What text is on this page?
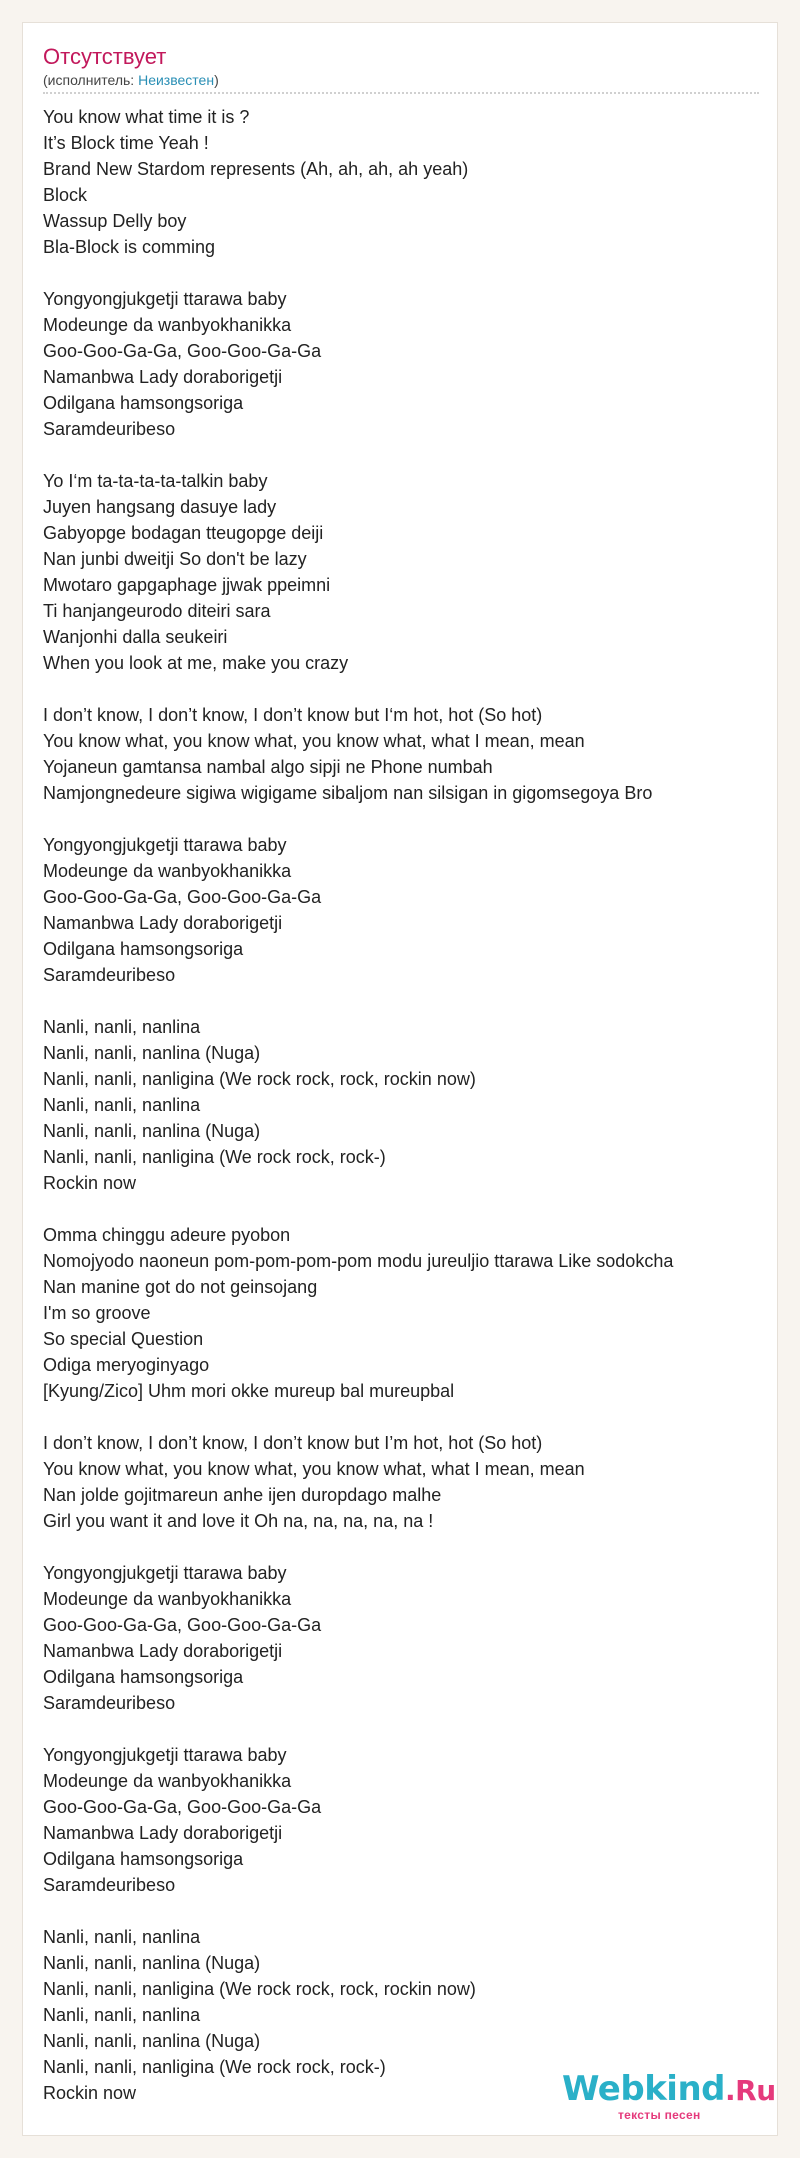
Отсутствует
(исполнитель: Неизвестен)
You know what time it is ?
It’s Block time Yeah !
Brand New Stardom represents (Ah, ah, ah, ah yeah)
Block
Wassup Delly boy
Bla-Block is comming
Yongyongjukgetji ttarawa baby
Modeunge da wanbyokhanikka
Goo-Goo-Ga-Ga, Goo-Goo-Ga-Ga
Namanbwa Lady doraborigetji
Odilgana hamsongsoriga
Saramdeuribeso
Yo I‘m ta-ta-ta-ta-talkin baby
Juyen hangsang dasuye lady
Gabyopge bodagan tteugopge deiji
Nan junbi dweitji So don't be lazy
Mwotaro gapgaphage jjwak ppeimni
Ti hanjangeurodo diteiri sara
Wanjonhi dalla seukeiri
When you look at me, make you crazy
I don’t know, I don’t know, I don’t know but I‘m hot, hot (So hot)
You know what, you know what, you know what, what I mean, mean
Yojaneun gamtansa nambal algo sipji ne Phone numbah
Namjongnedeure sigiwa wigigame sibaljom nan silsigan in gigomsegoya Bro
Yongyongjukgetji ttarawa baby
Modeunge da wanbyokhanikka
Goo-Goo-Ga-Ga, Goo-Goo-Ga-Ga
Namanbwa Lady doraborigetji
Odilgana hamsongsoriga
Saramdeuribeso
Nanli, nanli, nanlina
Nanli, nanli, nanlina (Nuga)
Nanli, nanli, nanligina (We rock rock, rock, rockin now)
Nanli, nanli, nanlina
Nanli, nanli, nanlina (Nuga)
Nanli, nanli, nanligina (We rock rock, rock-)
Rockin now
Omma chinggu adeure pyobon
Nomojyodo naoneun pom-pom-pom-pom modu jureuljio ttarawa Like sodokcha
Nan manine got do not geinsojang
I'm so groove
So special Question
Odiga meryoginyago
[Kyung/Zico] Uhm mori okke mureup bal mureupbal
I don’t know, I don’t know, I don’t know but I’m hot, hot (So hot)
You know what, you know what, you know what, what I mean, mean
Nan jolde gojitmareun anhe ijen duropdago malhe
Girl you want it and love it Oh na, na, na, na, na !
Yongyongjukgetji ttarawa baby
Modeunge da wanbyokhanikka
Goo-Goo-Ga-Ga, Goo-Goo-Ga-Ga
Namanbwa Lady doraborigetji
Odilgana hamsongsoriga
Saramdeuribeso
Yongyongjukgetji ttarawa baby
Modeunge da wanbyokhanikka
Goo-Goo-Ga-Ga, Goo-Goo-Ga-Ga
Namanbwa Lady doraborigetji
Odilgana hamsongsoriga
Saramdeuribeso
Nanli, nanli, nanlina
Nanli, nanli, nanlina (Nuga)
Nanli, nanli, nanligina (We rock rock, rock, rockin now)
Nanli, nanli, nanlina
Nanli, nanli, nanlina (Nuga)
Nanli, nanli, nanligina (We rock rock, rock-)
Rockin now	Webkind.Ru
тексты песен
